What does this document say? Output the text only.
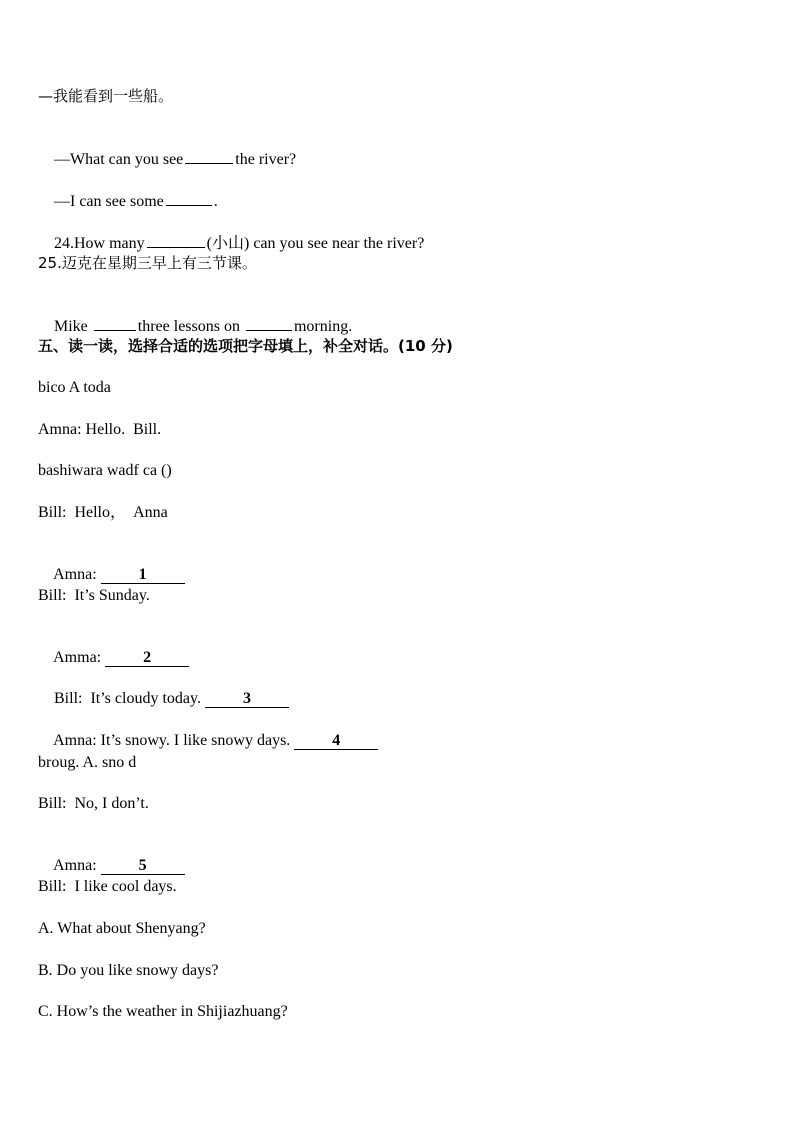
—我能看到一些船。

—What can you see	the river?

—I can see some	.

24.How many	(小山) can you see near the river?

25.迈克在星期三早上有三节课。

Mike	three lessons on	morning.

五、读一读，选择合适的选项把字母填上，补全对话。(10 分)
bico A toda
Amna: Hello.  Bill.
bashiwara wadf ca ()
Bill:  Hello，  Anna

Amna: 1

Bill:  It’s Sunday.

Amma: 2

Bill:  It’s cloudy today. 3

Amna: It’s snowy. I like snowy days. 4

broug. A. sno d
Bill:  No, I don’t.

Amna: 5

Bill:  I like cool days.
A. What about Shenyang?
B. Do you like snowy days?
C. How’s the weather in Shijiazhuang?
